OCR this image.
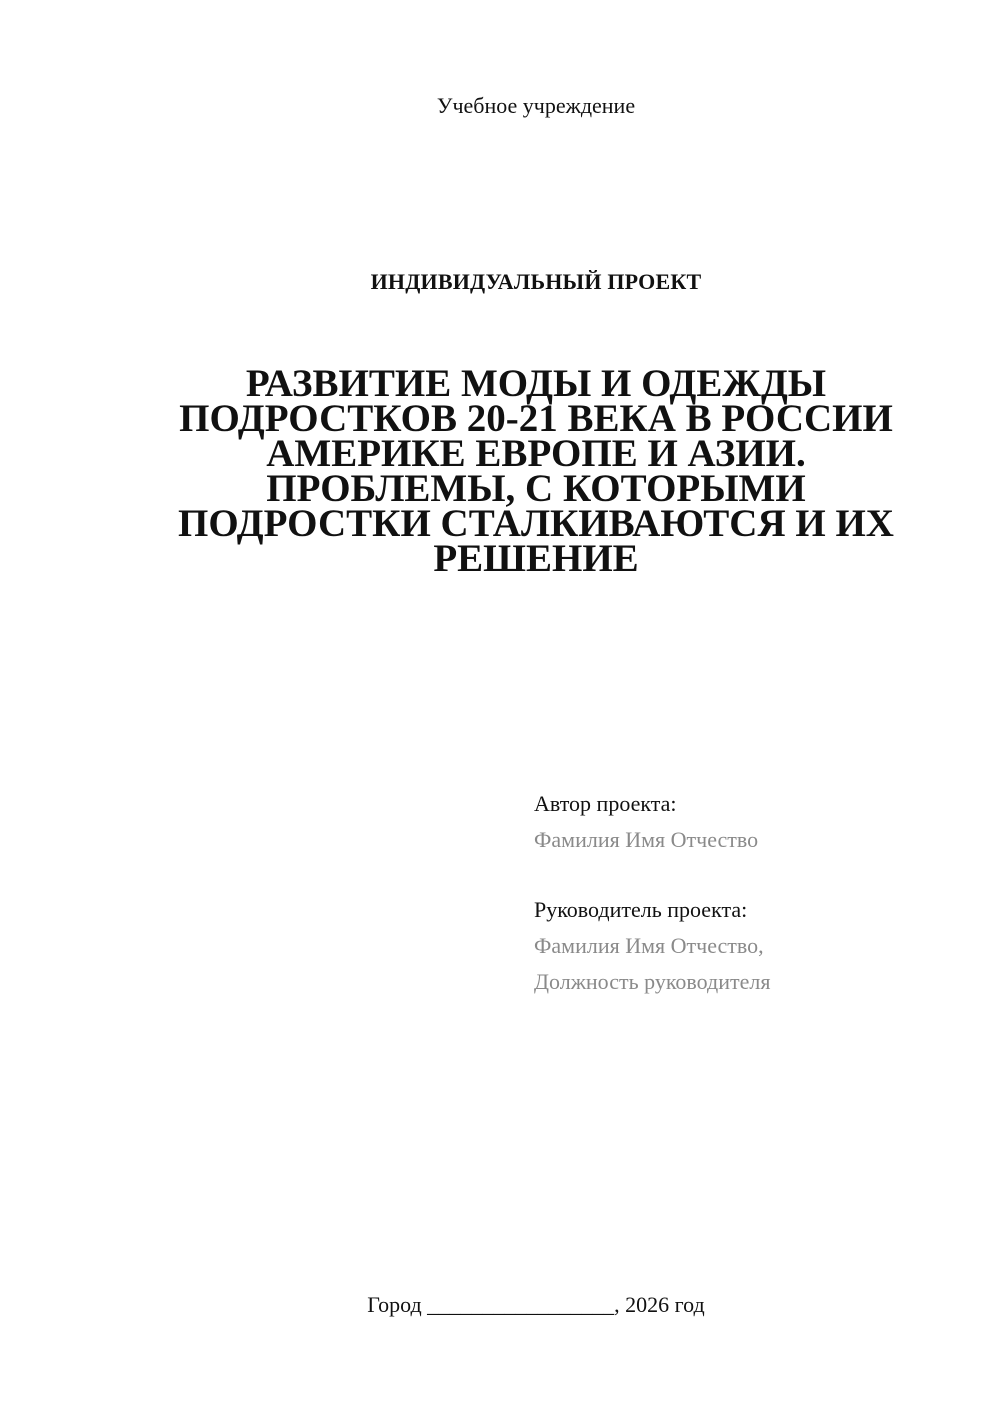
Учебное учреждение
ИНДИВИДУАЛЬНЫЙ ПРОЕКТ
РАЗВИТИЕ МОДЫ И ОДЕЖДЫ
ПОДРОСТКОВ 20-21 ВЕКА В РОССИИ
АМЕРИКЕ ЕВРОПЕ И АЗИИ.
ПРОБЛЕМЫ, С КОТОРЫМИ
ПОДРОСТКИ СТАЛКИВАЮТСЯ И ИХ
РЕШЕНИЕ
Автор проекта:
Фамилия Имя Отчество
Руководитель проекта:
Фамилия Имя Отчество,
Должность руководителя
Город _________________, 2026 год
